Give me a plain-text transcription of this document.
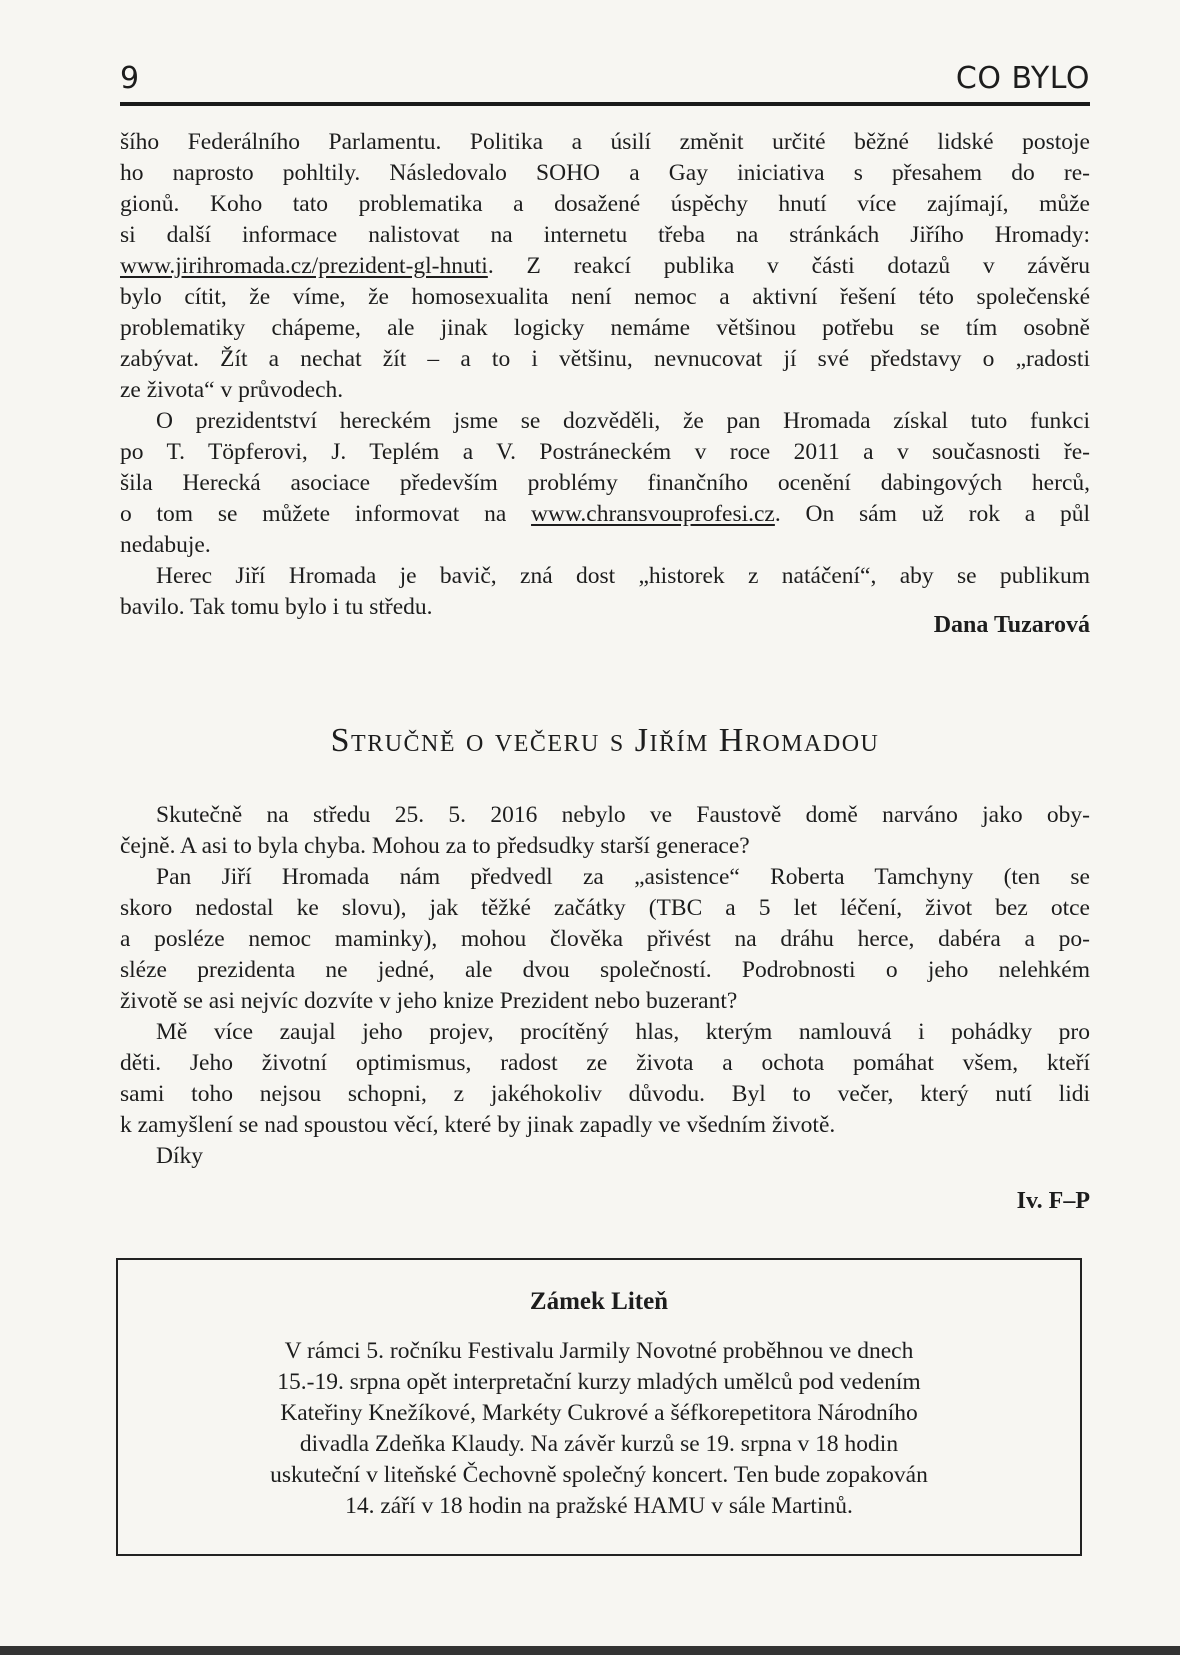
9	CO BYLO
šího Federálního Parlamentu. Politika a úsilí změnit určité běžné lidské postoje
ho naprosto pohltily. Následovalo SOHO a Gay iniciativa s přesahem do re-
gionů. Koho tato problematika a dosažené úspěchy hnutí více zajímají, může
si další informace nalistovat na internetu třeba na stránkách Jiřího Hromady:
www.jirihromada.cz/prezident-gl-hnuti. Z reakcí publika v části dotazů v závěru
bylo cítit, že víme, že homosexualita není nemoc a aktivní řešení této společenské
problematiky chápeme, ale jinak logicky nemáme většinou potřebu se tím osobně
zabývat. Žít a nechat žít – a to i většinu, nevnucovat jí své představy o „radosti
ze života“ v průvodech.
O prezidentství hereckém jsme se dozvěděli, že pan Hromada získal tuto funkci
po T. Töpferovi, J. Teplém a V. Postráneckém v roce 2011 a v současnosti ře-
šila Herecká asociace především problémy finančního ocenění dabingových herců,
o tom se můžete informovat na www.chransvouprofesi.cz. On sám už rok a půl
nedabuje.
Herec Jiří Hromada je bavič, zná dost „historek z natáčení“, aby se publikum
bavilo. Tak tomu bylo i tu středu.
Dana Tuzarová
Stručně o večeru s Jiřím Hromadou
Skutečně na středu 25. 5. 2016 nebylo ve Faustově domě narváno jako oby-
čejně. A asi to byla chyba. Mohou za to předsudky starší generace?
Pan Jiří Hromada nám předvedl za „asistence“ Roberta Tamchyny (ten se
skoro nedostal ke slovu), jak těžké začátky (TBC a 5 let léčení, život bez otce
a posléze nemoc maminky), mohou člověka přivést na dráhu herce, dabéra a po-
sléze prezidenta ne jedné, ale dvou společností. Podrobnosti o jeho nelehkém
životě se asi nejvíc dozvíte v jeho knize Prezident nebo buzerant?
Mě více zaujal jeho projev, procítěný hlas, kterým namlouvá i pohádky pro
děti. Jeho životní optimismus, radost ze života a ochota pomáhat všem, kteří
sami toho nejsou schopni, z jakéhokoliv důvodu. Byl to večer, který nutí lidi
k zamyšlení se nad spoustou věcí, které by jinak zapadly ve všedním životě.
Díky
Iv. F–P
Zámek Liteň
V rámci 5. ročníku Festivalu Jarmily Novotné proběhnou ve dnech
15.-19. srpna opět interpretační kurzy mladých umělců pod vedením
Kateřiny Knežíkové, Markéty Cukrové a šéfkorepetitora Národního
divadla Zdeňka Klaudy. Na závěr kurzů se 19. srpna v 18 hodin
uskuteční v liteňské Čechovně společný koncert. Ten bude zopakován
14. září v 18 hodin na pražské HAMU v sále Martinů.
